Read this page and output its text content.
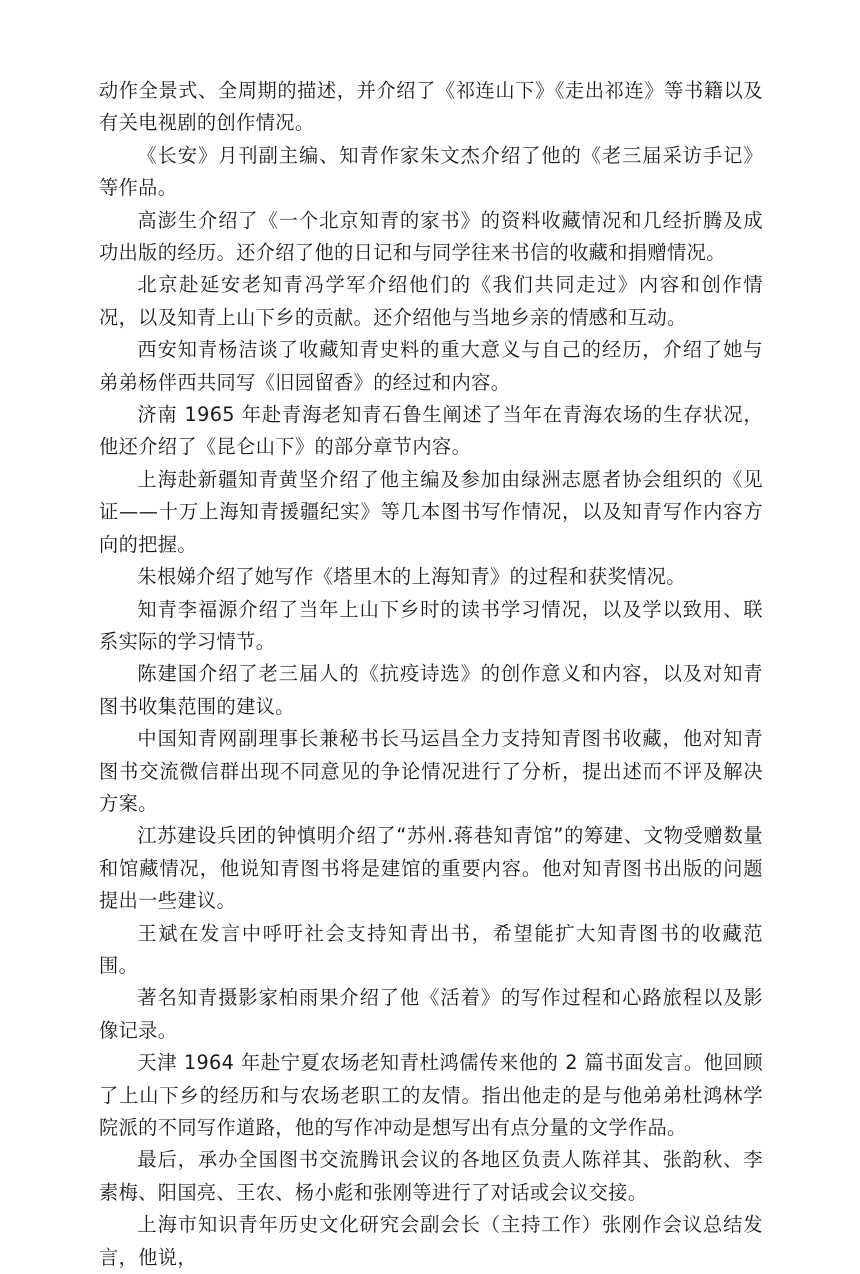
动作全景式、全周期的描述，并介绍了《祁连山下》《走出祁连》等书籍以及有关电视剧的创作情况。

《长安》月刊副主编、知青作家朱文杰介绍了他的《老三届采访手记》等作品。

高澎生介绍了《一个北京知青的家书》的资料收藏情况和几经折腾及成功出版的经历。还介绍了他的日记和与同学往来书信的收藏和捐赠情况。

北京赴延安老知青冯学军介绍他们的《我们共同走过》内容和创作情况，以及知青上山下乡的贡献。还介绍他与当地乡亲的情感和互动。

西安知青杨洁谈了收藏知青史料的重大意义与自己的经历，介绍了她与弟弟杨伴西共同写《旧园留香》的经过和内容。

济南 1965 年赴青海老知青石鲁生阐述了当年在青海农场的生存状况，他还介绍了《昆仑山下》的部分章节内容。

上海赴新疆知青黄坚介绍了他主编及参加由绿洲志愿者协会组织的《见证——十万上海知青援疆纪实》等几本图书写作情况，以及知青写作内容方向的把握。

朱根娣介绍了她写作《塔里木的上海知青》的过程和获奖情况。

知青李福源介绍了当年上山下乡时的读书学习情况，以及学以致用、联系实际的学习情节。

陈建国介绍了老三届人的《抗疫诗选》的创作意义和内容，以及对知青图书收集范围的建议。

中国知青网副理事长兼秘书长马运昌全力支持知青图书收藏，他对知青图书交流微信群出现不同意见的争论情况进行了分析，提出述而不评及解决方案。

江苏建设兵团的钟慎明介绍了“苏州.蒋巷知青馆”的筹建、文物受赠数量和馆藏情况，他说知青图书将是建馆的重要内容。他对知青图书出版的问题提出一些建议。

王斌在发言中呼吁社会支持知青出书，希望能扩大知青图书的收藏范围。

著名知青摄影家柏雨果介绍了他《活着》的写作过程和心路旅程以及影像记录。

天津 1964 年赴宁夏农场老知青杜鸿儒传来他的 2 篇书面发言。他回顾了上山下乡的经历和与农场老职工的友情。指出他走的是与他弟弟杜鸿林学院派的不同写作道路，他的写作冲动是想写出有点分量的文学作品。

最后，承办全国图书交流腾讯会议的各地区负责人陈祥其、张韵秋、李素梅、阳国亮、王农、杨小彪和张刚等进行了对话或会议交接。

上海市知识青年历史文化研究会副会长（主持工作）张刚作会议总结发言，他说，
